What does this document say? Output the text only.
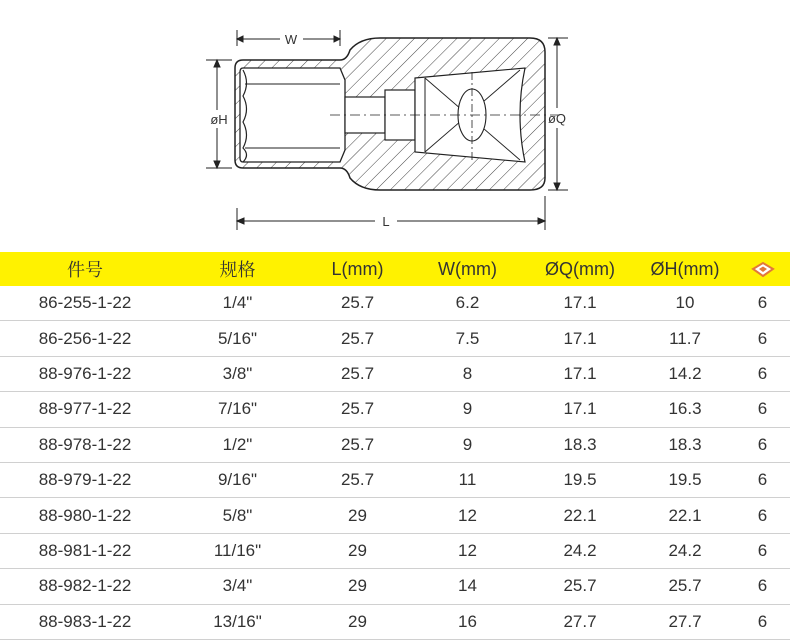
W
øH	øQ
L
件号	规格	L(mm)	W(mm)	ØQ(mm)	ØH(mm)	
86-255-1-22	1/4"	25.7	6.2	17.1	10	6
86-256-1-22	5/16"	25.7	7.5	17.1	11.7	6
88-976-1-22	3/8"	25.7	8	17.1	14.2	6
88-977-1-22	7/16"	25.7	9	17.1	16.3	6
88-978-1-22	1/2"	25.7	9	18.3	18.3	6
88-979-1-22	9/16"	25.7	11	19.5	19.5	6
88-980-1-22	5/8"	29	12	22.1	22.1	6
88-981-1-22	11/16"	29	12	24.2	24.2	6
88-982-1-22	3/4"	29	14	25.7	25.7	6
88-983-1-22	13/16"	29	16	27.7	27.7	6
